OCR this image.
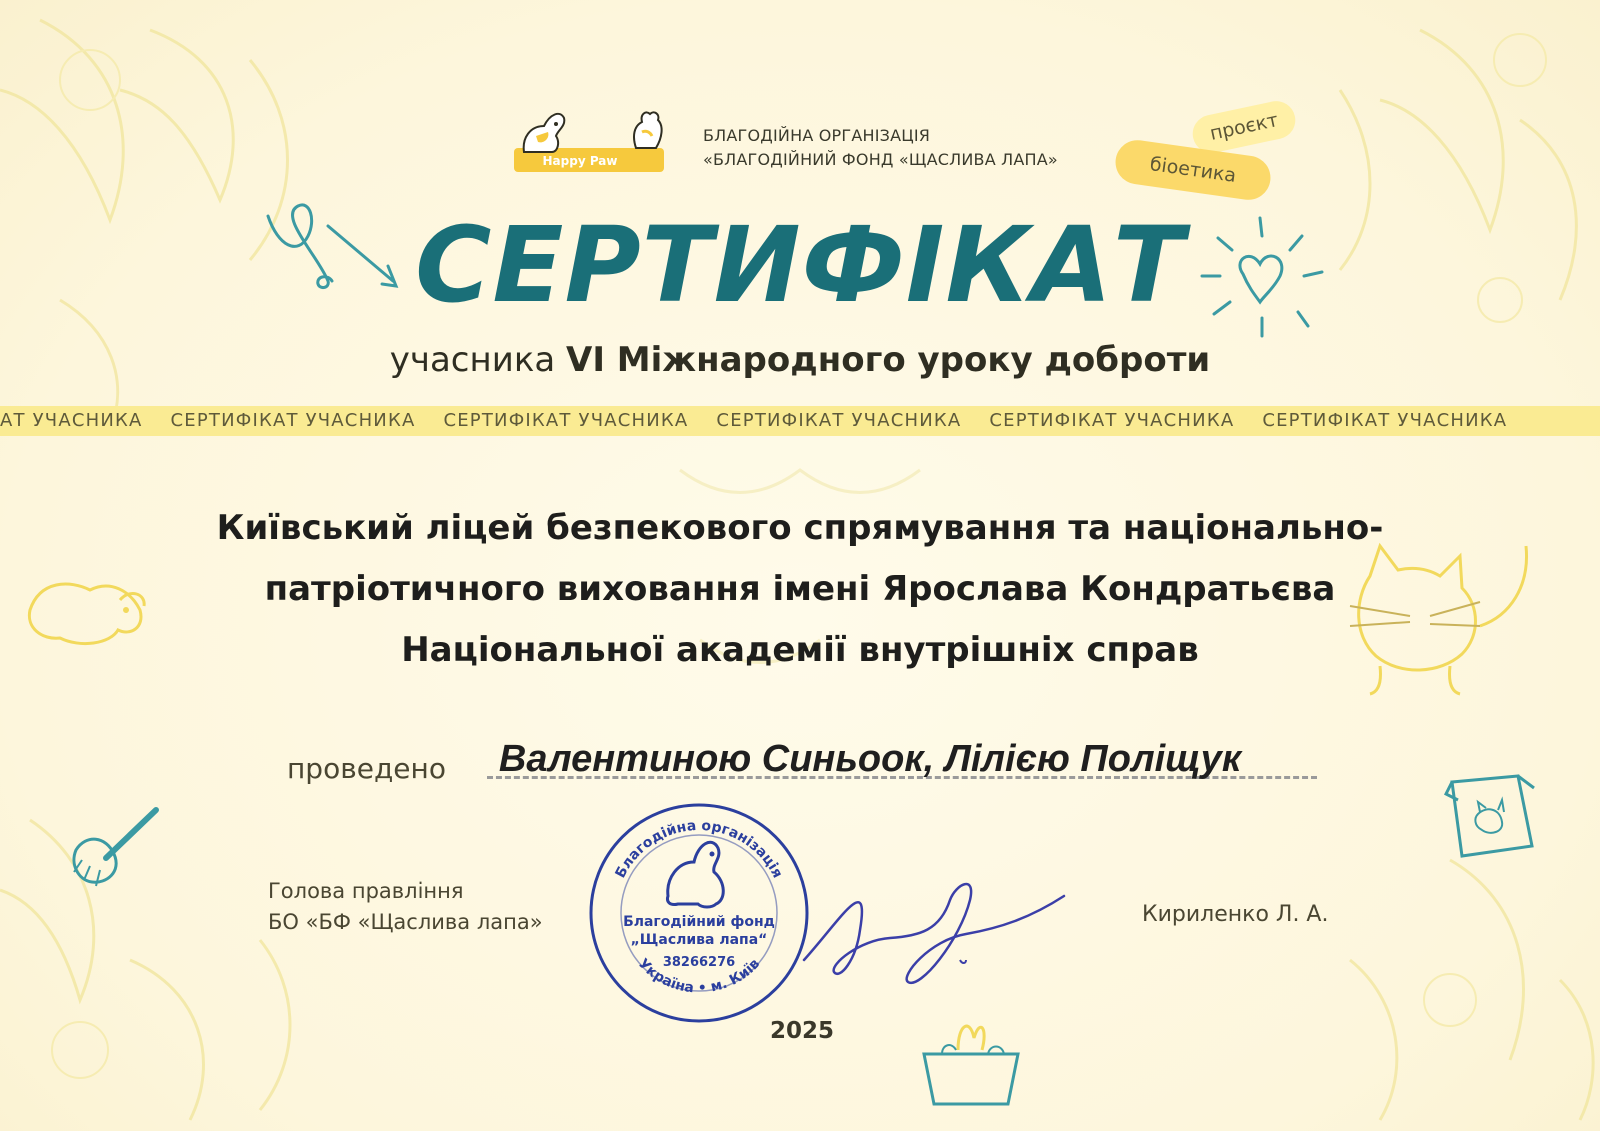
Happy Paw
БЛАГОДІЙНА ОРГАНІЗАЦІЯ
«БЛАГОДІЙНИЙ ФОНД «ЩАСЛИВА ЛАПА»
проєкт
біоетика
СЕРТИФІКАТ
учасника VI Міжнародного уроку доброти
АТ УЧАСНИКА СЕРТИФІКАТ УЧАСНИКА СЕРТИФІКАТ УЧАСНИКА СЕРТИФІКАТ УЧАСНИКА СЕРТИФІКАТ УЧАСНИКА СЕРТИФІКАТ УЧАСНИКА
Київський ліцей безпекового спрямування та національно-
патріотичного виховання імені Ярослава Кондратьєва
Національної академії внутрішніх справ
проведено	Валентиною Синьоок, Лілією Поліщук
Голова правління
БО «БФ «Щаслива лапа»	Кириленко Л. А.
Благодійна організація
Україна • м. Київ
Благодійний фонд
„Щаслива лапа“
38266276
2025
